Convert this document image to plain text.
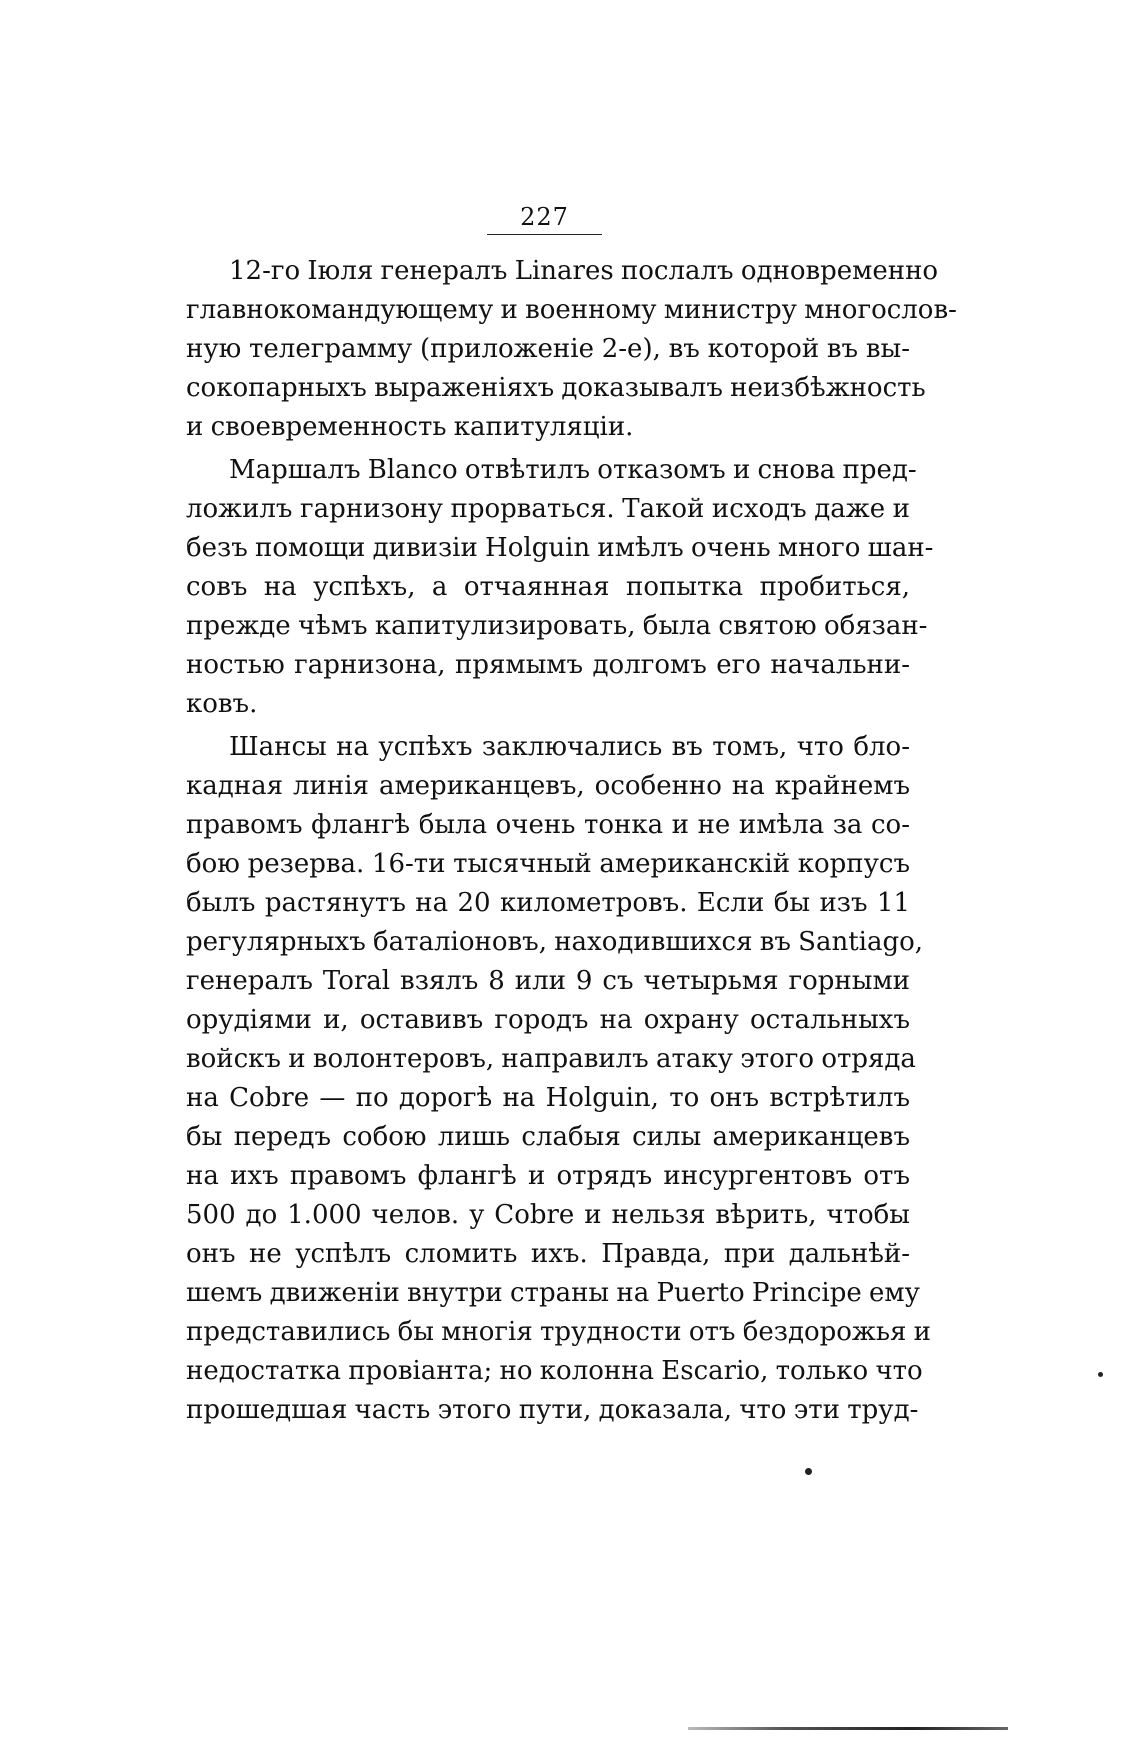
227
12-го Іюля генералъ Linares послалъ одновременно
главнокомандующему и военному министру многослов-
ную телеграмму (приложеніе 2-е), въ которой въ вы-
сокопарныхъ выраженіяхъ доказывалъ неизбѣжность
и своевременность капитуляціи.
Маршалъ Blanco отвѣтилъ отказомъ и снова пред-
ложилъ гарнизону прорваться. Такой исходъ даже и
безъ помощи дивизіи Holguin имѣлъ очень много шан-
совъ на успѣхъ, а отчаянная попытка пробиться,
прежде чѣмъ капитулизировать, была святою обязан-
ностью гарнизона, прямымъ долгомъ его начальни-
ковъ.
Шансы на успѣхъ заключались въ томъ, что бло-
кадная линія американцевъ, особенно на крайнемъ
правомъ флангѣ была очень тонка и не имѣла за со-
бою резерва. 16-ти тысячный американскій корпусъ
былъ растянутъ на 20 километровъ. Если бы изъ 11
регулярныхъ баталіоновъ, находившихся въ Santiago,
генералъ Toral взялъ 8 или 9 съ четырьмя горными
орудіями и, оставивъ городъ на охрану остальныхъ
войскъ и волонтеровъ, направилъ атаку этого отряда
на Cobre — по дорогѣ на Holguin, то онъ встрѣтилъ
бы передъ собою лишь слабыя силы американцевъ
на ихъ правомъ флангѣ и отрядъ инсургентовъ отъ
500 до 1.000 челов. у Cobre и нельзя вѣрить, чтобы
онъ не успѣлъ сломить ихъ. Правда, при дальнѣй-
шемъ движеніи внутри страны на Puerto Principe ему
представились бы многія трудности отъ бездорожья и
недостатка провіанта; но колонна Escario, только что
прошедшая часть этого пути, доказала, что эти труд-
